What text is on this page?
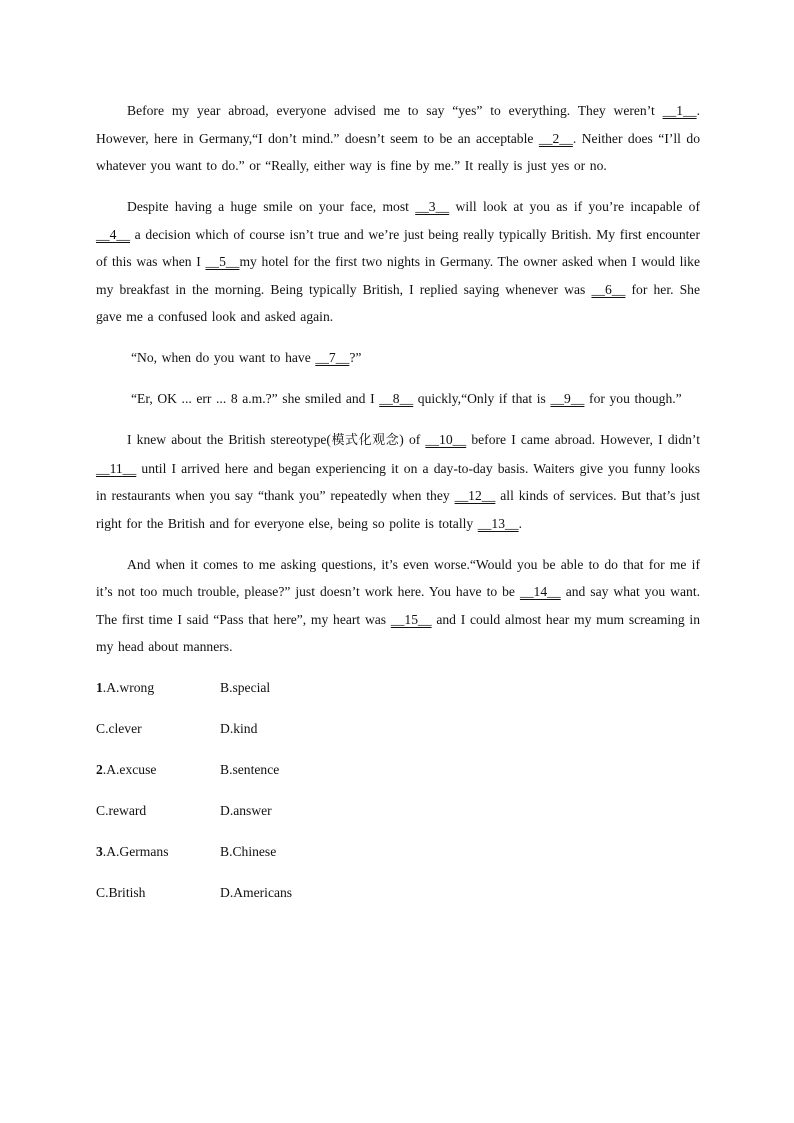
Before my year abroad, everyone advised me to say “yes” to everything. They weren’t __1__. However, here in Germany,“I don’t mind.” doesn’t seem to be an acceptable __2__. Neither does “I’ll do whatever you want to do.” or “Really, either way is fine by me.” It really is just yes or no.

Despite having a huge smile on your face, most __3__ will look at you as if you’re incapable of __4__ a decision which of course isn’t true and we’re just being really typically British. My first encounter of this was when I __5__my hotel for the first two nights in Germany. The owner asked when I would like my breakfast in the morning. Being typically British, I replied saying whenever was __6__ for her. She gave me a confused look and asked again.

“No, when do you want to have __7__?”

“Er, OK ... err ... 8 a.m.?” she smiled and I __8__ quickly,“Only if that is __9__ for you though.”

I knew about the British stereotype(模式化观念) of __10__ before I came abroad. However, I didn’t __11__ until I arrived here and began experiencing it on a day-to-day basis. Waiters give you funny looks in restaurants when you say “thank you” repeatedly when they __12__ all kinds of services. But that’s just right for the British and for everyone else, being so polite is totally __13__.

And when it comes to me asking questions, it’s even worse.“Would you be able to do that for me if it’s not too much trouble, please?” just doesn’t work here. You have to be __14__ and say what you want. The first time I said “Pass that here”, my heart was __15__ and I could almost hear my mum screaming in my head about manners.

1.A.wrong	B.special
C.clever	D.kind
2.A.excuse	B.sentence
C.reward	D.answer
3.A.Germans	B.Chinese
C.British	D.Americans
